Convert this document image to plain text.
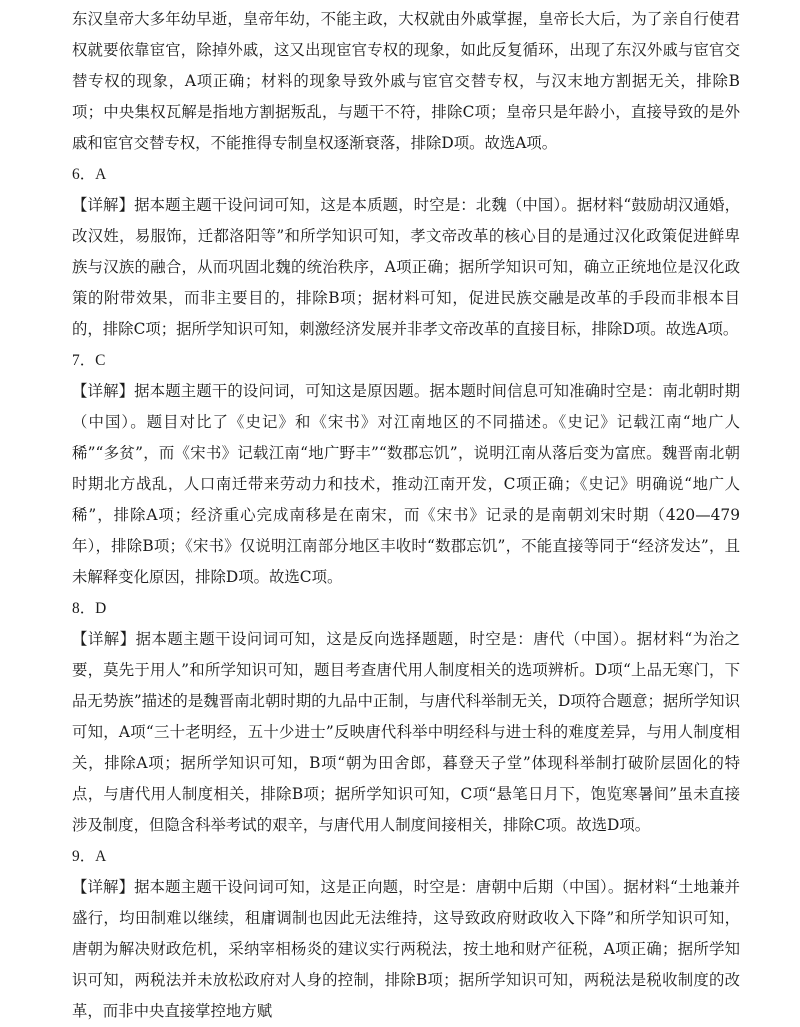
东汉皇帝大多年幼早逝，皇帝年幼，不能主政，大权就由外戚掌握，皇帝长大后，为了亲自行使君权就要依靠宦官，除掉外戚，这又出现宦官专权的现象，如此反复循环，出现了东汉外戚与宦官交替专权的现象，A项正确；材料的现象导致外戚与宦官交替专权，与汉末地方割据无关，排除B项；中央集权瓦解是指地方割据叛乱，与题干不符，排除C项；皇帝只是年龄小，直接导致的是外戚和宦官交替专权，不能推得专制皇权逐渐衰落，排除D项。故选A项。

6．A

【详解】据本题主题干设问词可知，这是本质题，时空是：北魏（中国）。据材料“鼓励胡汉通婚，改汉姓，易服饰，迁都洛阳等”和所学知识可知，孝文帝改革的核心目的是通过汉化政策促进鲜卑族与汉族的融合，从而巩固北魏的统治秩序，A项正确；据所学知识可知，确立正统地位是汉化政策的附带效果，而非主要目的，排除B项；据材料可知，促进民族交融是改革的手段而非根本目的，排除C项；据所学知识可知，刺激经济发展并非孝文帝改革的直接目标，排除D项。故选A项。

7．C

【详解】据本题主题干的设问词，可知这是原因题。据本题时间信息可知准确时空是：南北朝时期（中国）。题目对比了《史记》和《宋书》对江南地区的不同描述。《史记》记载江南“地广人稀”“多贫”，而《宋书》记载江南“地广野丰”“数郡忘饥”，说明江南从落后变为富庶。魏晋南北朝时期北方战乱，人口南迁带来劳动力和技术，推动江南开发，C项正确；《史记》明确说“地广人稀”，排除A项；经济重心完成南移是在南宋，而《宋书》记录的是南朝刘宋时期（420—479年），排除B项；《宋书》仅说明江南部分地区丰收时“数郡忘饥”，不能直接等同于“经济发达”，且未解释变化原因，排除D项。故选C项。

8．D

【详解】据本题主题干设问词可知，这是反向选择题题，时空是：唐代（中国）。据材料“为治之要，莫先于用人”和所学知识可知，题目考查唐代用人制度相关的选项辨析。D项“上品无寒门，下品无势族”描述的是魏晋南北朝时期的九品中正制，与唐代科举制无关，D项符合题意；据所学知识可知，A项“三十老明经，五十少进士”反映唐代科举中明经科与进士科的难度差异，与用人制度相关，排除A项；据所学知识可知，B项“朝为田舍郎，暮登天子堂”体现科举制打破阶层固化的特点，与唐代用人制度相关，排除B项；据所学知识可知，C项“悬笔日月下，饱览寒暑间”虽未直接涉及制度，但隐含科举考试的艰辛，与唐代用人制度间接相关，排除C项。故选D项。

9．A

【详解】据本题主题干设问词可知，这是正向题，时空是：唐朝中后期（中国）。据材料“土地兼并盛行，均田制难以继续，租庸调制也因此无法维持，这导致政府财政收入下降”和所学知识可知，唐朝为解决财政危机，采纳宰相杨炎的建议实行两税法，按土地和财产征税，A项正确；据所学知识可知，两税法并未放松政府对人身的控制，排除B项；据所学知识可知，两税法是税收制度的改革，而非中央直接掌控地方赋
